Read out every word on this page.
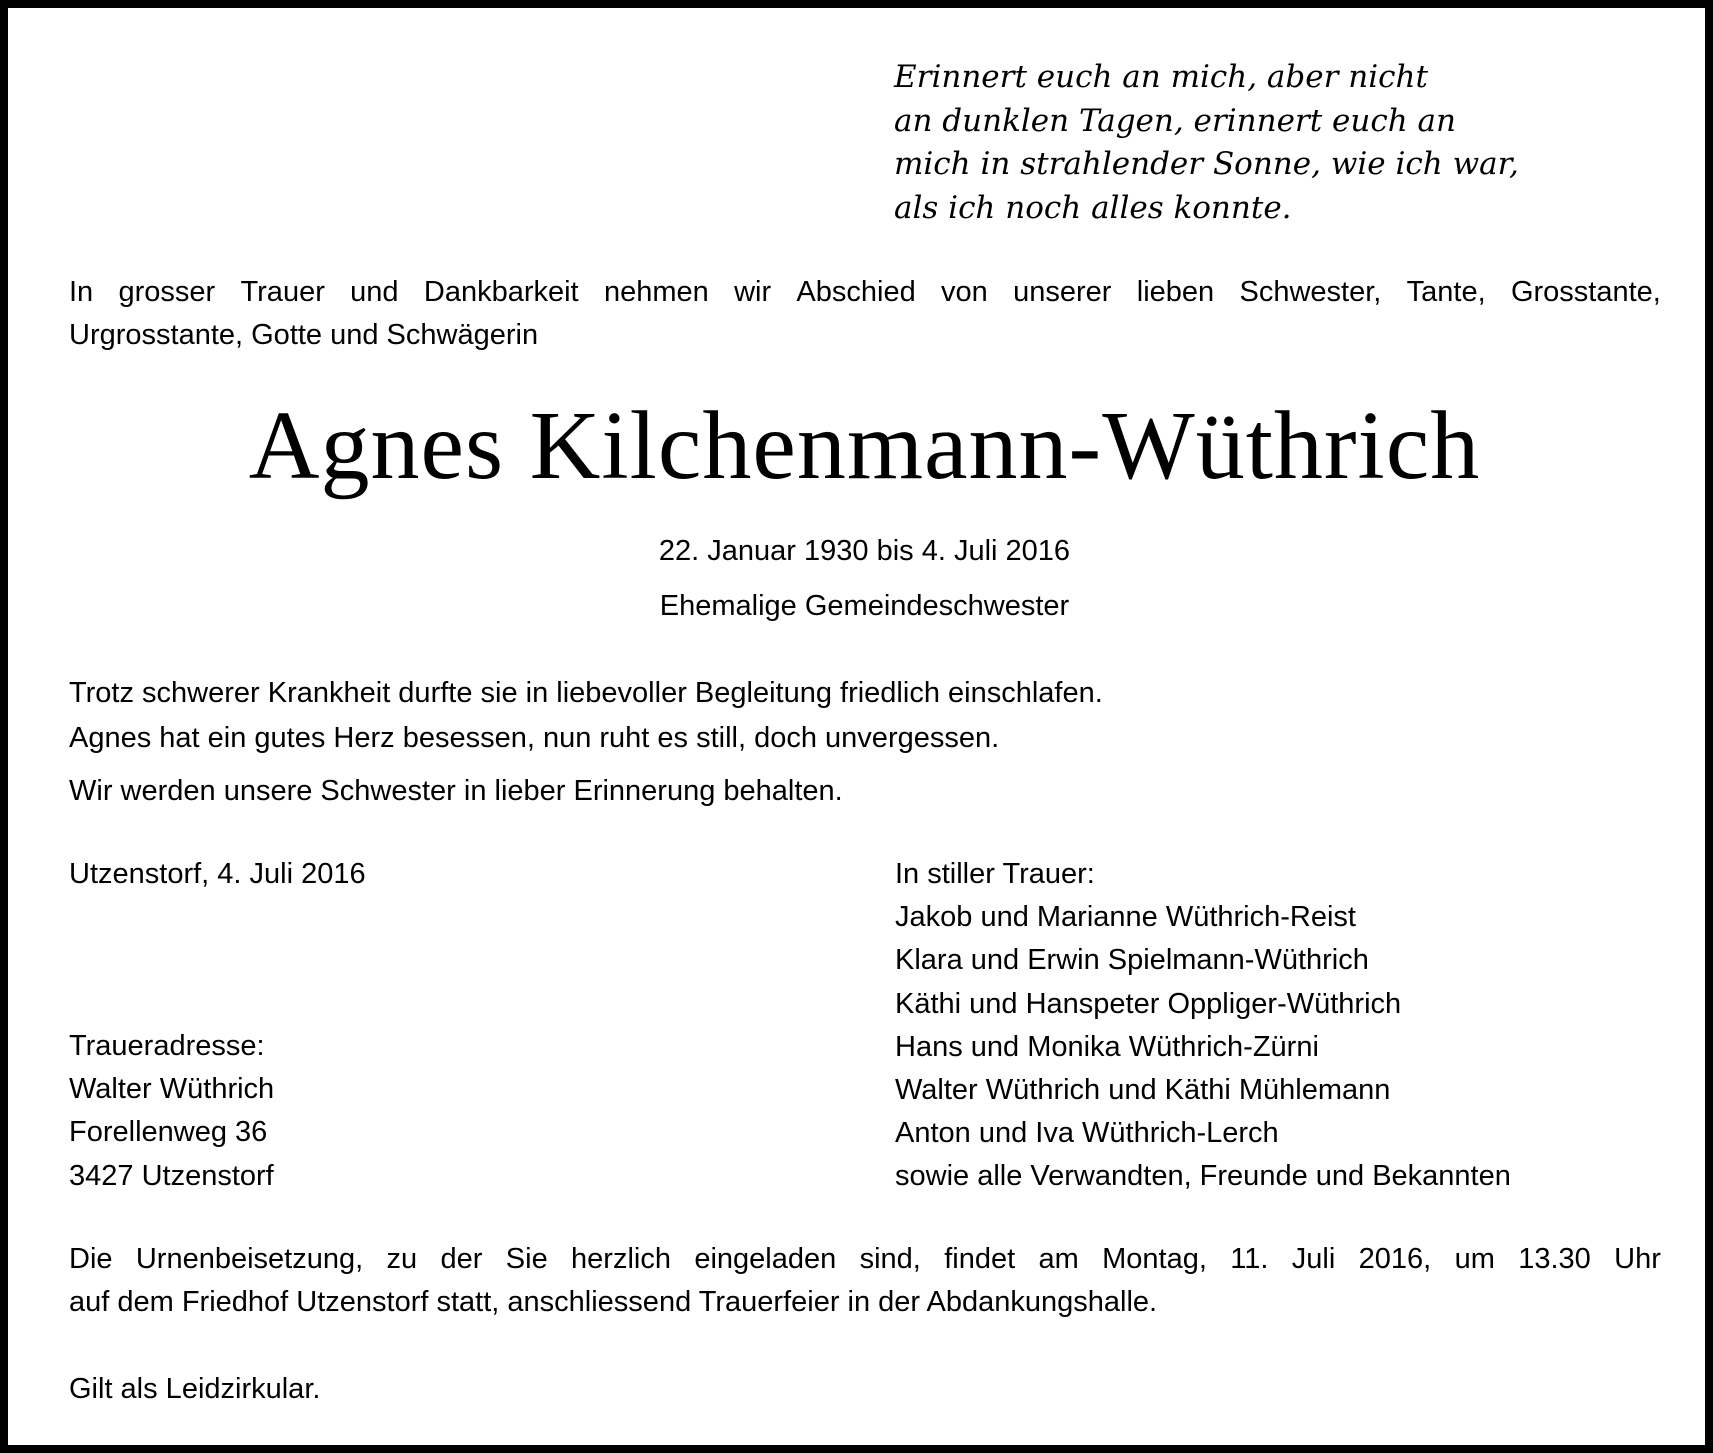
Erinnert euch an mich, aber nicht
an dunklen Tagen, erinnert euch an
mich in strahlender Sonne, wie ich war,
als ich noch alles konnte.
In grosser Trauer und Dankbarkeit nehmen wir Abschied von unserer lieben Schwester, Tante, Grosstante,
Urgrosstante, Gotte und Schwägerin
Agnes Kilchenmann-Wüthrich
22. Januar 1930 bis 4. Juli 2016
Ehemalige Gemeindeschwester
Trotz schwerer Krankheit durfte sie in liebevoller Begleitung friedlich einschlafen.
Agnes hat ein gutes Herz besessen, nun ruht es still, doch unvergessen.
Wir werden unsere Schwester in lieber Erinnerung behalten.
Utzenstorf, 4. Juli 2016	In stiller Trauer:
Jakob und Marianne Wüthrich-Reist
Klara und Erwin Spielmann-Wüthrich
Käthi und Hanspeter Oppliger-Wüthrich
Hans und Monika Wüthrich-Zürni
Walter Wüthrich und Käthi Mühlemann
Anton und Iva Wüthrich-Lerch
sowie alle Verwandten, Freunde und Bekannten
Traueradresse:
Walter Wüthrich
Forellenweg 36
3427 Utzenstorf
Die Urnenbeisetzung, zu der Sie herzlich eingeladen sind, findet am Montag, 11. Juli 2016, um 13.30 Uhr
auf dem Friedhof Utzenstorf statt, anschliessend Trauerfeier in der Abdankungshalle.
Gilt als Leidzirkular.
